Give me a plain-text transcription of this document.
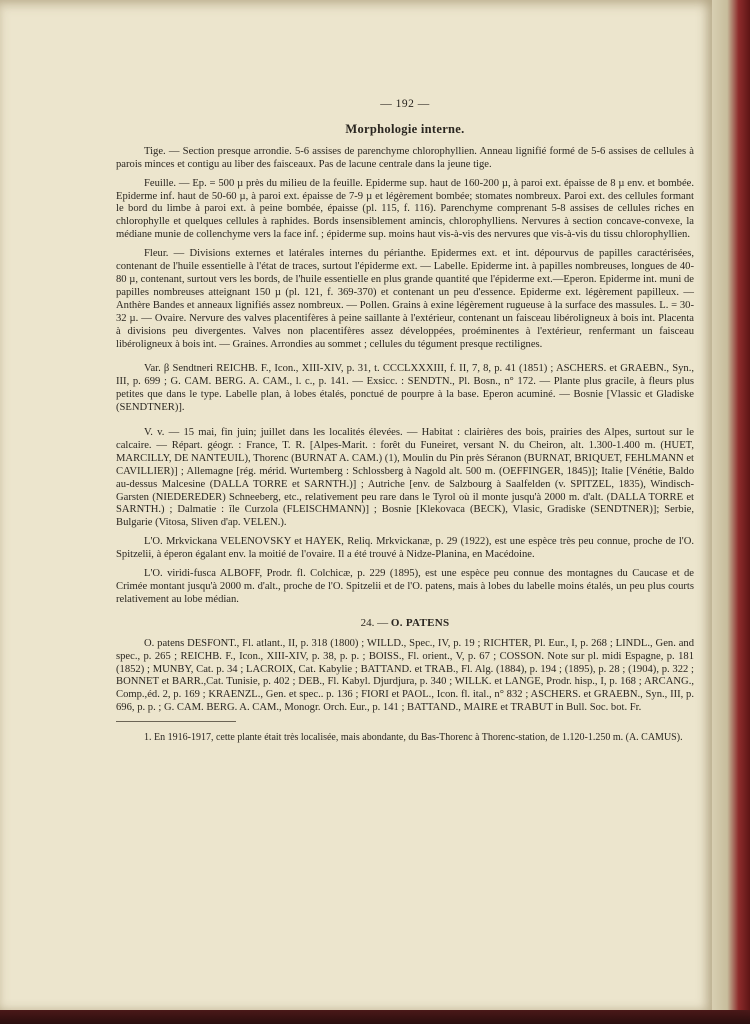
— 192 —
Morphologie interne.

Tige. — Section presque arrondie. 5-6 assises de parenchyme chlorophyllien. Anneau lignifié formé de 5-6 assises de cellules à parois minces et contigu au liber des faisceaux. Pas de lacune centrale dans la jeune tige.

Feuille. — Ep. = 500 µ près du milieu de la feuille. Epiderme sup. haut de 160-200 µ, à paroi ext. épaisse de 8 µ env. et bombée. Epiderme inf. haut de 50-60 µ, à paroi ext. épaisse de 7-9 µ et légèrement bombée; stomates nombreux. Paroi ext. des cellules formant le bord du limbe à paroi ext. à peine bombée, épaisse (pl. 115, f. 116). Parenchyme comprenant 5-8 assises de cellules riches en chlorophylle et quelques cellules à raphides. Bords insensiblement amincis, chlorophylliens. Nervures à section concave-convexe, la médiane munie de collenchyme vers la face inf. ; épiderme sup. moins haut vis-à-vis des nervures que vis-à-vis du tissu chlorophyllien.

Fleur. — Divisions externes et latérales internes du périanthe. Epidermes ext. et int. dépourvus de papilles caractérisées, contenant de l'huile essentielle à l'état de traces, surtout l'épiderme ext. — Labelle. Epiderme int. à papilles nombreuses, longues de 40-80 µ, contenant, surtout vers les bords, de l'huile essentielle en plus grande quantité que l'épiderme ext.—Eperon. Epiderme int. muni de papilles nombreuses atteignant 150 µ (pl. 121, f. 369-370) et contenant un peu d'essence. Epiderme ext. légèrement papilleux. — Anthère Bandes et anneaux lignifiés assez nombreux. — Pollen. Grains à exine légèrement rugueuse à la surface des massules. L. = 30-32 µ. — Ovaire. Nervure des valves placentifères à peine saillante à l'extérieur, contenant un faisceau libéroligneux à bois int. Placenta à divisions peu divergentes. Valves non placentifères assez développées, proéminentes à l'extérieur, renfermant un faisceau libéroligneux à bois int. — Graines. Arrondies au sommet ; cellules du tégument presque rectilignes.

Var. β Sendtneri REICHB. F., Icon., XIII-XIV, p. 31, t. CCCLXXXIII, f. II, 7, 8, p. 41 (1851) ; ASCHERS. et GRAEBN., Syn., III, p. 699 ; G. CAM. BERG. A. CAM., l. c., p. 141. — Exsicc. : SENDTN., Pl. Bosn., n° 172. — Plante plus gracile, à fleurs plus petites que dans le type. Labelle plan, à lobes étalés, ponctué de pourpre à la base. Eperon acuminé. — Bosnie [Vlassic et Gladiske (SENDTNER)].

V. v. — 15 mai, fin juin; juillet dans les localités élevées. — Habitat : clairières des bois, prairies des Alpes, surtout sur le calcaire. — Répart. géogr. : France, T. R. [Alpes-Marit. : forêt du Funeiret, versant N. du Cheiron, alt. 1.300-1.400 m. (HUET, MARCILLY, DE NANTEUIL), Thorenc (BURNAT A. CAM.) (1), Moulin du Pin près Séranon (BURNAT, BRIQUET, FEHLMANN et CAVILLIER)] ; Allemagne [rég. mérid. Wurtemberg : Schlossberg à Nagold alt. 500 m. (OEFFINGER, 1845)]; Italie [Vénétie, Baldo au-dessus Malcesine (DALLA TORRE et SARNTH.)] ; Autriche [env. de Salzbourg à Saalfelden (v. SPITZEL, 1835), Windisch-Garsten (NIEDEREDER) Schneeberg, etc., relativement peu rare dans le Tyrol où il monte jusqu'à 2000 m. d'alt. (DALLA TORRE et SARNTH.) ; Dalmatie : île Curzola (FLEISCHMANN)] ; Bosnie [Klekovaca (BECK), Vlasic, Gradiske (SENDTNER)]; Serbie, Bulgarie (Vitosa, Sliven d'ap. VELEN.).

L'O. Mrkvickana VELENOVSKY et HAYEK, Reliq. Mrkvickanæ, p. 29 (1922), est une espèce très peu connue, proche de l'O. Spitzelii, à éperon égalant env. la moitié de l'ovaire. Il a été trouvé à Nidze-Planina, en Macédoine.

L'O. viridi-fusca ALBOFF, Prodr. fl. Colchicæ, p. 229 (1895), est une espèce peu connue des montagnes du Caucase et de Crimée montant jusqu'à 2000 m. d'alt., proche de l'O. Spitzelii et de l'O. patens, mais à lobes du labelle moins étalés, un peu plus courts relativement au lobe médian.

24. — O. PATENS

O. patens DESFONT., Fl. atlant., II, p. 318 (1800) ; WILLD., Spec., IV, p. 19 ; RICHTER, Pl. Eur., I, p. 268 ; LINDL., Gen. and spec., p. 265 ; REICHB. F., Icon., XIII-XIV, p. 38, p. p. ; BOISS., Fl. orient., V, p. 67 ; COSSON. Note sur pl. midi Espagne, p. 181 (1852) ; MUNBY, Cat. p. 34 ; LACROIX, Cat. Kabylie ; BATTAND. et TRAB., Fl. Alg. (1884), p. 194 ; (1895), p. 28 ; (1904), p. 322 ; BONNET et BARR.,Cat. Tunisie, p. 402 ; DEB., Fl. Kabyl. Djurdjura, p. 340 ; WILLK. et LANGE, Prodr. hisp., I, p. 168 ; ARCANG., Comp.,éd. 2, p. 169 ; KRAENZL., Gen. et spec.. p. 136 ; FIORI et PAOL., Icon. fl. ital., n° 832 ; ASCHERS. et GRAEBN., Syn., III, p. 696, p. p. ; G. CAM. BERG. A. CAM., Monogr. Orch. Eur., p. 141 ; BATTAND., MAIRE et TRABUT in Bull. Soc. bot. Fr.

1. En 1916-1917, cette plante était très localisée, mais abondante, du Bas-Thorenc à Thorenc-station, de 1.120-1.250 m. (A. CAMUS).
